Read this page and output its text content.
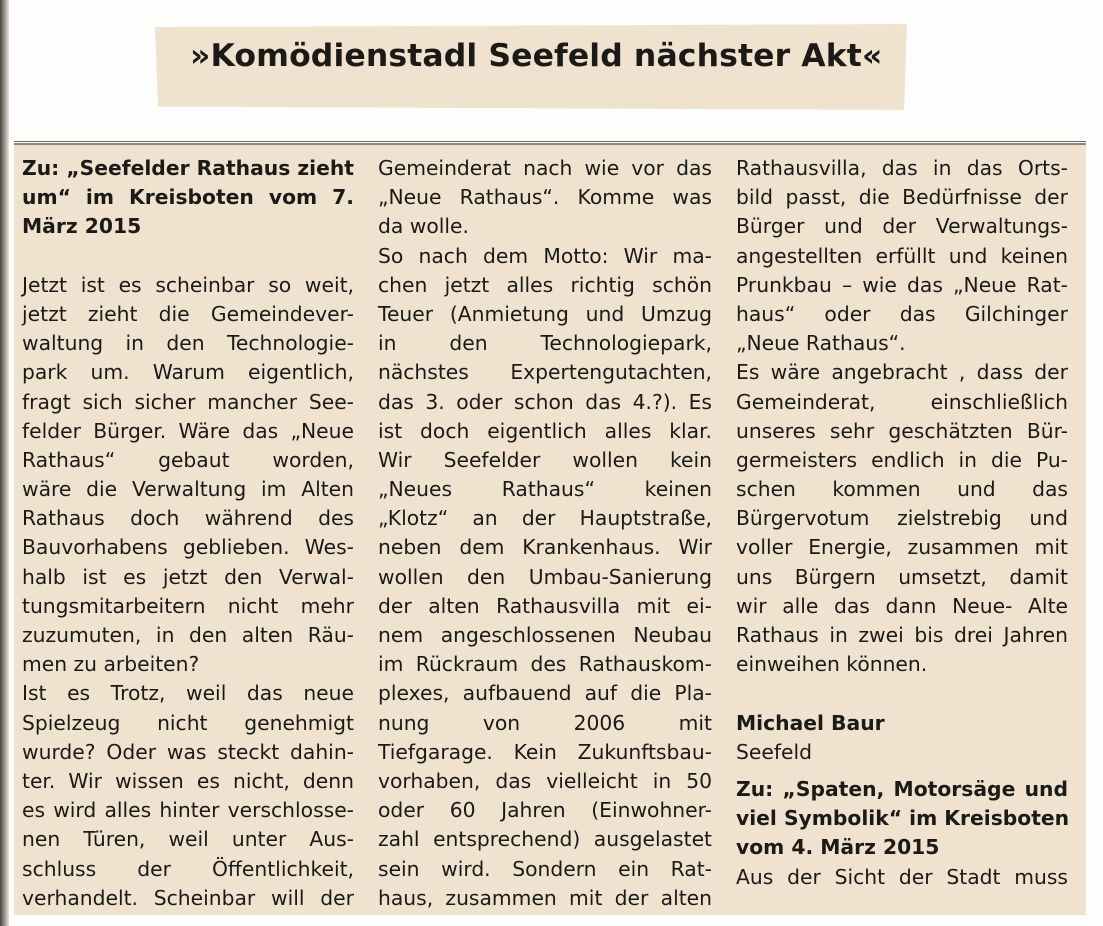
»Komödienstadl Seefeld nächster Akt«
Zu: „Seefelder Rathaus zieht
um“ im Kreisboten vom 7.
März 2015
Jetzt ist es scheinbar so weit,
jetzt zieht die Gemeindever-
waltung in den Technologie-
park um. Warum eigentlich,
fragt sich sicher mancher See-
felder Bürger. Wäre das „Neue
Rathaus“ gebaut worden,
wäre die Verwaltung im Alten
Rathaus doch während des
Bauvorhabens geblieben. Wes-
halb ist es jetzt den Verwal-
tungsmitarbeitern nicht mehr
zuzumuten, in den alten Räu-
men zu arbeiten?
Ist es Trotz, weil das neue
Spielzeug nicht genehmigt
wurde? Oder was steckt dahin-
ter. Wir wissen es nicht, denn
es wird alles hinter verschlosse-
nen Türen, weil unter Aus-
schluss der Öffentlichkeit,
verhandelt. Scheinbar will der
Gemeinderat nach wie vor das
„Neue Rathaus“. Komme was
da wolle.
So nach dem Motto: Wir ma-
chen jetzt alles richtig schön
Teuer (Anmietung und Umzug
in den Technologiepark,
nächstes Expertengutachten,
das 3. oder schon das 4.?). Es
ist doch eigentlich alles klar.
Wir Seefelder wollen kein
„Neues Rathaus“ keinen
„Klotz“ an der Hauptstraße,
neben dem Krankenhaus. Wir
wollen den Umbau-Sanierung
der alten Rathausvilla mit ei-
nem angeschlossenen Neubau
im Rückraum des Rathauskom-
plexes, aufbauend auf die Pla-
nung von 2006 mit
Tiefgarage. Kein Zukunftsbau-
vorhaben, das vielleicht in 50
oder 60 Jahren (Einwohner-
zahl entsprechend) ausgelastet
sein wird. Sondern ein Rat-
haus, zusammen mit der alten
Rathausvilla, das in das Orts-
bild passt, die Bedürfnisse der
Bürger und der Verwaltungs-
angestellten erfüllt und keinen
Prunkbau – wie das „Neue Rat-
haus“ oder das Gilchinger
„Neue Rathaus“.
Es wäre angebracht , dass der
Gemeinderat, einschließlich
unseres sehr geschätzten Bür-
germeisters endlich in die Pu-
schen kommen und das
Bürgervotum zielstrebig und
voller Energie, zusammen mit
uns Bürgern umsetzt, damit
wir alle das dann Neue- Alte
Rathaus in zwei bis drei Jahren
einweihen können.
Michael Baur
Seefeld
Zu: „Spaten, Motorsäge und
viel Symbolik“ im Kreisboten
vom 4. März 2015
Aus der Sicht der Stadt muss
